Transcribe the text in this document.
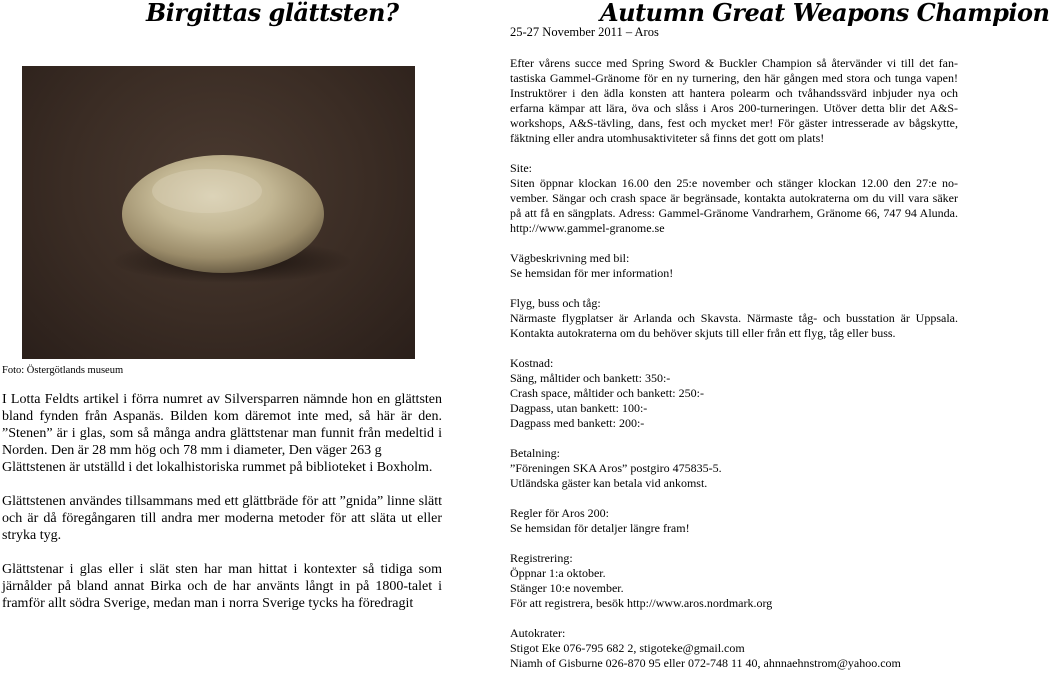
Birgittas glättsten?
Foto: Östergötlands museum

I Lotta Feldts artikel i förra numret av Silversparren nämnde hon en glättsten bland fynden från Aspanäs. Bilden kom däremot inte med, så här är den. ”Stenen” är i glas, som så många andra glättstenar man funnit från medeltid i Norden. Den är 28 mm hög och 78 mm i diameter, Den väger 263 g

Glättstenen är utställd i det lokalhistoriska rummet på biblioteket i Boxholm.

Glättstenen användes tillsammans med ett glättbräde för att ”gnida” linne slätt och är då föregångaren till andra mer moderna metoder för att släta ut eller stryka tyg.

Glättstenar i glas eller i slät sten har man hittat i kontexter så tidiga som järnålder på bland annat Birka och de har använts långt in på 1800-talet i framför allt södra Sverige, medan man i norra Sverige tycks ha föredragit

Autumn Great Weapons Champion
25-27 November 2011 – Aros
Efter vårens succe med Spring Sword & Buckler Champion så återvänder vi till det fantastiska Gammel-Gränome för en ny turnering, den här gången med stora och tunga vapen! Instruktörer i den ädla konsten att hantera polearm och tvåhandssvärd inbjuder nya och erfarna kämpar att lära, öva och slåss i Aros 200-turneringen. Utöver detta blir det A&S-workshops, A&S-tävling, dans, fest och mycket mer! För gäster intresserade av bågskytte, fäktning eller andra utomhusaktiviteter så finns det gott om plats!
Site:
Siten öppnar klockan 16.00 den 25:e november och stänger klockan 12.00 den 27:e november. Sängar och crash space är begränsade, kontakta autokraterna om du vill vara säker på att få en sängplats. Adress: Gammel-Gränome Vandrarhem, Gränome 66, 747 94 Alunda. http://www.gammel-granome.se
Vägbeskrivning med bil:
Se hemsidan för mer information!
Flyg, buss och tåg:
Närmaste flygplatser är Arlanda och Skavsta. Närmaste tåg- och busstation är Uppsala. Kontakta autokraterna om du behöver skjuts till eller från ett flyg, tåg eller buss.
Kostnad:
Säng, måltider och bankett: 350:-
Crash space, måltider och bankett: 250:-
Dagpass, utan bankett: 100:-
Dagpass med bankett: 200:-
Betalning:
”Föreningen SKA Aros” postgiro 475835-5.
Utländska gäster kan betala vid ankomst.
Regler för Aros 200:
Se hemsidan för detaljer längre fram!
Registrering:
Öppnar 1:a oktober.
Stänger 10:e november.
För att registrera, besök http://www.aros.nordmark.org
Autokrater:
Stigot Eke 076-795 682 2, stigoteke@gmail.com
Niamh of Gisburne 026-870 95 eller 072-748 11 40, ahnnaehnstrom@yahoo.com
